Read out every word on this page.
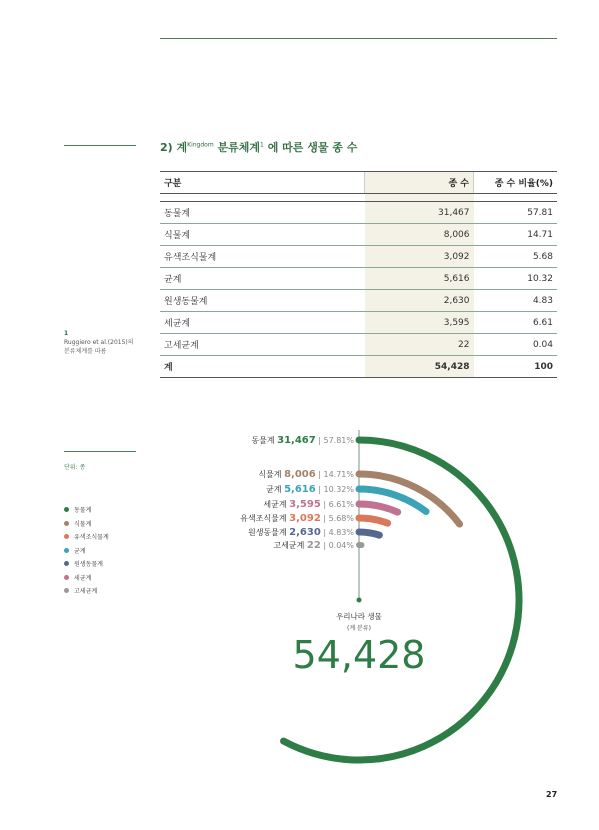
2) 계$^{Kingdom}$ 분류체계$^1$ 에 따른 생물 종 수
구분	종 수	종 수 비율(%)

동물계	31,467	57.81
식물계	8,006	14.71
유색조식물계	3,092	5.68
균계	5,616	10.32
원생동물계	2,630	4.83
세균계	3,595	6.61
고세균계	22	0.04
계	54,428	100
1
Ruggiero et al.(2015)의
분류체계를 따름
단위: 종
동물계
식물계
유색조식물계
균계
원생동물계
세균계
고세균계
동물계 31,467 | 57.81%
식물계 8,006 | 14.71%
균계 5,616 | 10.32%
세균계 3,595 | 6.61%
유색조식물계 3,092 | 5.68%
원생동물계 2,630 | 4.83%
고세균계 22 | 0.04%
우리나라 생물
(계 분류)
54,428
27
